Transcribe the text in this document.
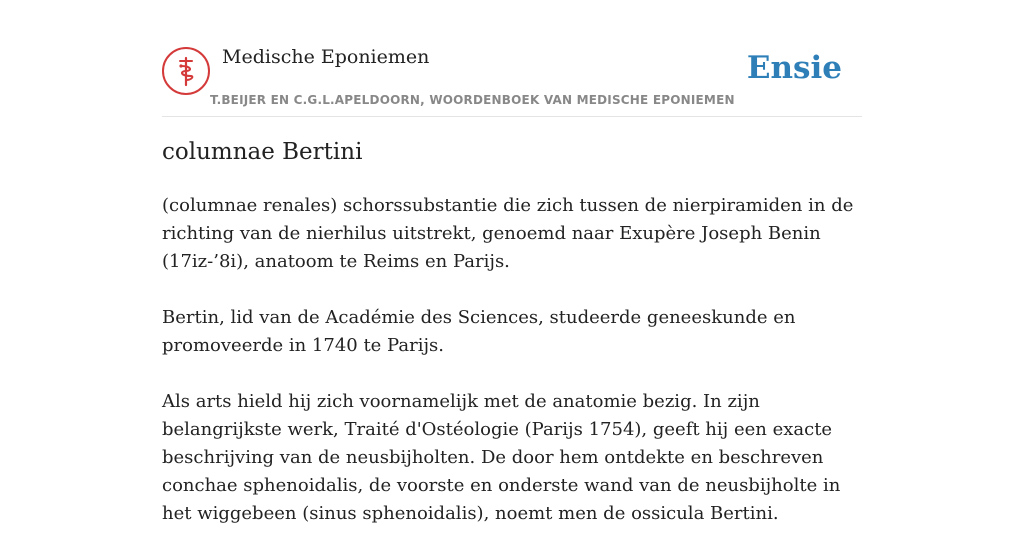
Medische Eponiemen
T.BEIJER EN C.G.L.APELDOORN, WOORDENBOEK VAN MEDISCHE EPONIEMEN
Ensie
columnae Bertini

(columnae renales) schorssubstantie die zich tussen de nierpiramiden in de richting van de nierhilus uitstrekt, genoemd naar Exupère Joseph Benin (17iz-’8i), anatoom te Reims en Parijs.

Bertin, lid van de Académie des Sciences, studeerde geneeskunde en promoveerde in 1740 te Parijs.

Als arts hield hij zich voornamelijk met de anatomie bezig. In zijn belangrijkste werk, Traité d'Ostéologie (Parijs 1754), geeft hij een exacte beschrijving van de neusbijholten. De door hem ontdekte en beschreven conchae sphenoidalis, de voorste en onderste wand van de neusbijholte in het wiggebeen (sinus sphenoidalis), noemt men de ossicula Bertini.
